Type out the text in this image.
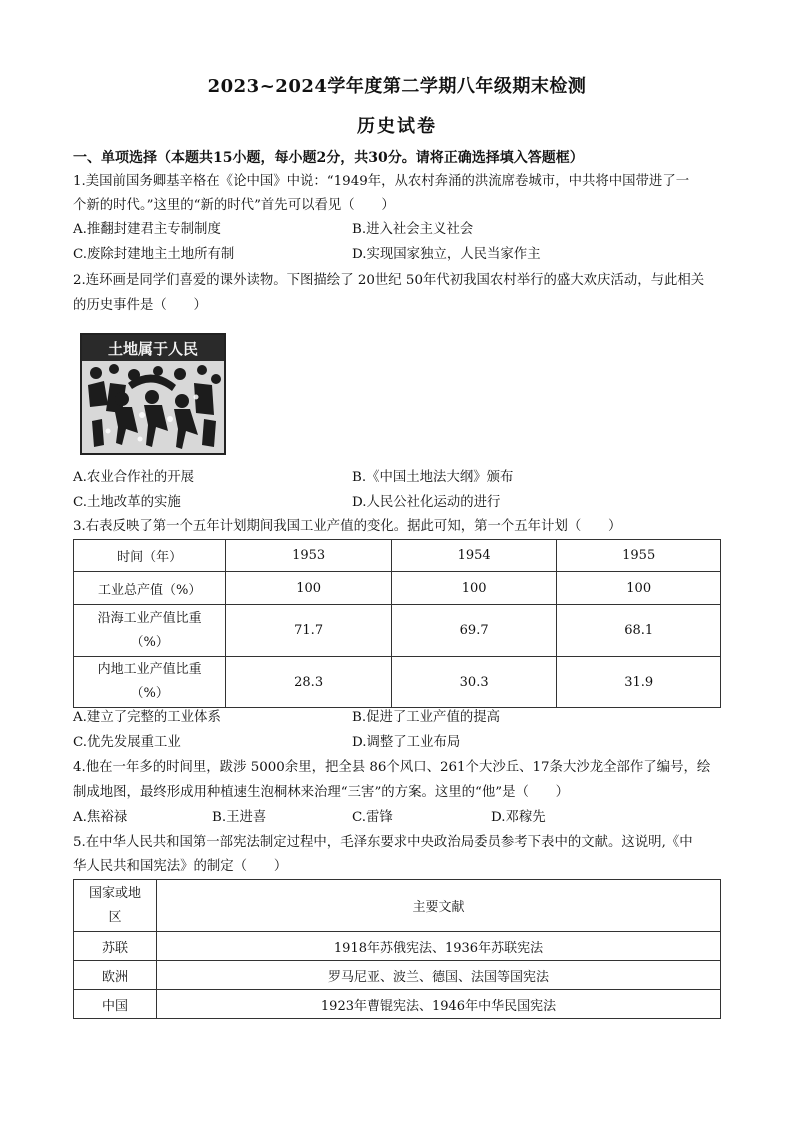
2023~2024学年度第二学期八年级期末检测
历史试卷
一、单项选择（本题共15小题，每小题2分，共30分。请将正确选择填入答题框）
1.美国前国务卿基辛格在《论中国》中说：“1949年，从农村奔涌的洪流席卷城市，中共将中国带进了一
个新的时代。”这里的“新的时代”首先可以看见（　　）
A.推翻封建君主专制制度	B.进入社会主义社会
C.废除封建地主土地所有制	D.实现国家独立，人民当家作主
2.连环画是同学们喜爱的课外读物。下图描绘了 20世纪 50年代初我国农村举行的盛大欢庆活动，与此相关
的历史事件是（　　）
土地属于人民
A.农业合作社的开展	B.《中国土地法大纲》颁布
C.土地改革的实施	D.人民公社化运动的进行
3.右表反映了第一个五年计划期间我国工业产值的变化。据此可知，第一个五年计划（　　）
时间（年）	1953	1954	1955
工业总产值（%）	100	100	100

沿海工业产值比重
（%）	71.7	69.7	68.1

内地工业产值比重
（%）	28.3	30.3	31.9
A.建立了完整的工业体系	B.促进了工业产值的提高
C.优先发展重工业	D.调整了工业布局
4.他在一年多的时间里，跋涉 5000余里，把全县 86个风口、261个大沙丘、17条大沙龙全部作了编号，绘
制成地图，最终形成用种植速生泡桐林来治理“三害”的方案。这里的“他”是（　　）
A.焦裕禄	B.王进喜	C.雷锋	D.邓稼先
5.在中华人民共和国第一部宪法制定过程中，毛泽东要求中央政治局委员参考下表中的文献。这说明,《中
华人民共和国宪法》的制定（　　）
国家或地
区	主要文献
苏联	1918年苏俄宪法、1936年苏联宪法
欧洲	罗马尼亚、波兰、德国、法国等国宪法
中国	1923年曹锟宪法、1946年中华民国宪法
